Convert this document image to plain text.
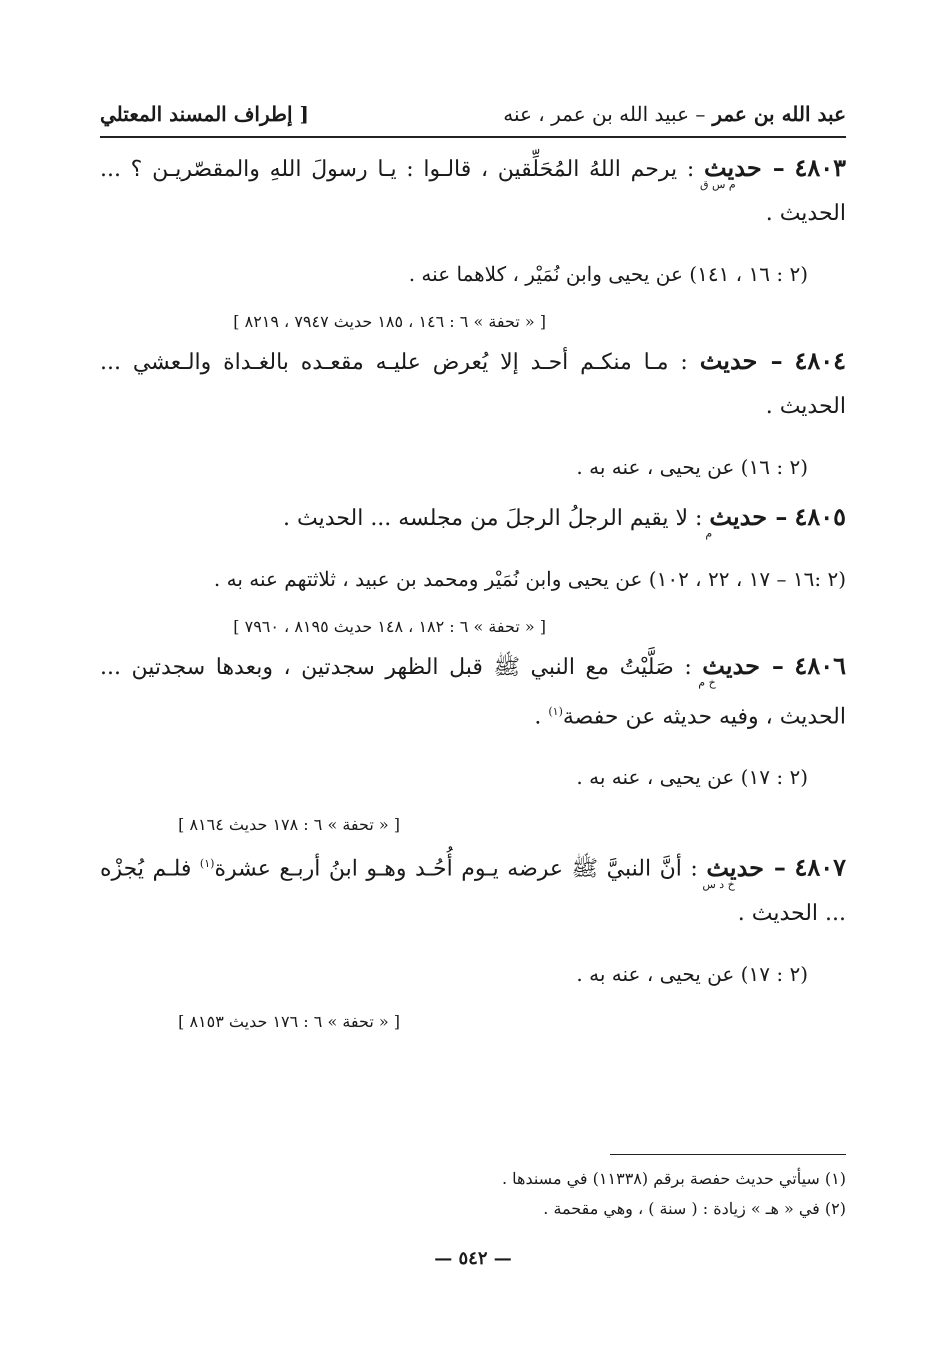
عبد الله بن عمر – عبيد الله بن عمر ، عنه
[ إطراف المسند المعتلي
٤٨٠٣ – حديث
م س ق
: يرحم اللهُ المُحَلِّقين ، قالـوا : يـا رسولَ اللهِ والمقصّريـن ؟ ... الحديث .
(٢ : ١٦ ، ١٤١) عن يحيى وابن نُمَيْر ، كلاهما عنه .
[ « تحفة » ٦ : ١٤٦ ، ١٨٥ حديث ٧٩٤٧ ، ٨٢١٩ ]
٤٨٠٤ – حديث : مـا منكـم أحـد إلا يُعرض عليـه مقعـده بالغـداة والـعشي ... الحديث .
(٢ : ١٦) عن يحيى ، عنه به .
٤٨٠٥ – حديث
م
: لا يقيم الرجلُ الرجلَ من مجلسه ... الحديث .
(٢ :١٦ – ١٧ ، ٢٢ ، ١٠٢) عن يحيى وابن نُمَيْر ومحمد بن عبيد ، ثلاثتهم عنه به .
[ « تحفة » ٦ : ١٨٢ ، ١٤٨ حديث ٨١٩٥ ، ٧٩٦٠ ]
٤٨٠٦ – حديث
خ م
: صَلَّيْتُ مع النبي ﷺ قبل الظهر سجدتين ، وبعدها سجدتين ... الحديث ، وفيه حديثه عن حفصة$^{(١)}$ .
(٢ : ١٧) عن يحيى ، عنه به .
[ « تحفة » ٦ : ١٧٨ حديث ٨١٦٤ ]
٤٨٠٧ – حديث
خ د س
: أنَّ النبيَّ ﷺ عرضه يـوم أُحُـد وهـو ابنُ أربـع عشرة$^{(١)}$ فلـم يُجزْه ... الحديث .
(٢ : ١٧) عن يحيى ، عنه به .
[ « تحفة » ٦ : ١٧٦ حديث ٨١٥٣ ]
(١) سيأتي حديث حفصة برقم (١١٣٣٨) في مسندها .
(٢) في « هـ » زيادة : ( سنة ) ، وهي مقحمة .
— ٥٤٢ —
